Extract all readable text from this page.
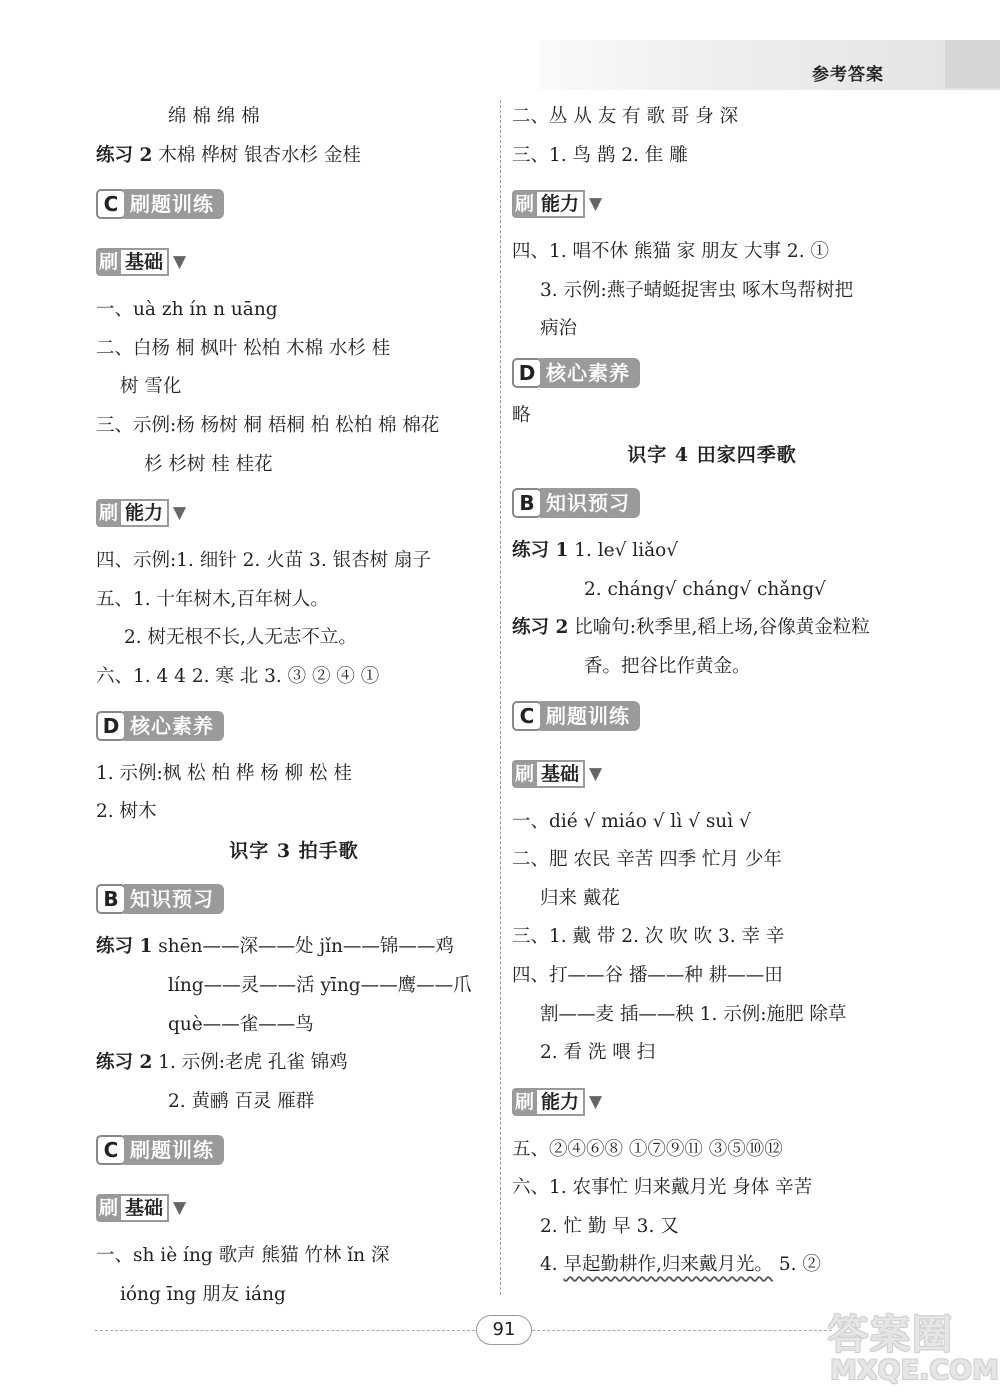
参考答案
绵 棉 绵 棉
练习 2 木棉 桦树 银杏水杉 金桂
C 刷题训练
刷 基础 ▼
一、uà zh ín n uāng
二、白杨 桐 枫叶 松柏 木棉 水杉 桂
树 雪化
三、示例:杨 杨树 桐 梧桐 柏 松柏 棉 棉花
杉 杉树 桂 桂花
刷 能力 ▼
四、示例:1. 细针 2. 火苗 3. 银杏树 扇子
五、1. 十年树木,百年树人。
2. 树无根不长,人无志不立。
六、1. 4 4 2. 寒 北 3. ③ ② ④ ①
D 核心素养
1. 示例:枫 松 柏 桦 杨 柳 松 桂
2. 树木
识字 3 拍手歌
B 知识预习
练习 1 shēn——深——处 jǐn——锦——鸡
líng——灵——活 yīng——鹰——爪
què——雀——鸟
练习 2 1. 示例:老虎 孔雀 锦鸡
2. 黄鹂 百灵 雁群
C 刷题训练
刷 基础 ▼
一、sh iè íng 歌声 熊猫 竹林 ǐn 深
ióng īng 朋友 iáng
二、丛 从 友 有 歌 哥 身 深
三、1. 鸟 鹊 2. 隹 雕
刷 能力 ▼
四、1. 唱不休 熊猫 家 朋友 大事 2. ①
3. 示例:燕子蜻蜓捉害虫 啄木鸟帮树把
病治
D 核心素养
略
识字 4 田家四季歌
B 知识预习
练习 1 1. le√ liǎo√
2. cháng√ cháng√ chǎng√
练习 2 比喻句:秋季里,稻上场,谷像黄金粒粒
香。把谷比作黄金。
C 刷题训练
刷 基础 ▼
一、dié √ miáo √ lì √ suì √
二、肥 农民 辛苦 四季 忙月 少年
归来 戴花
三、1. 戴 带 2. 次 吹 吹 3. 幸 辛
四、打——谷 播——种 耕——田
割——麦 插——秧 1. 示例:施肥 除草
2. 看 洗 喂 扫
刷 能力 ▼
五、②④⑥⑧ ①⑦⑨⑪ ③⑤⑩⑫
六、1. 农事忙 归来戴月光 身体 辛苦
2. 忙 勤 早 3. 又
4. 早起勤耕作,归来戴月光。 5. ②
91	答案圈
MXQE.COM
